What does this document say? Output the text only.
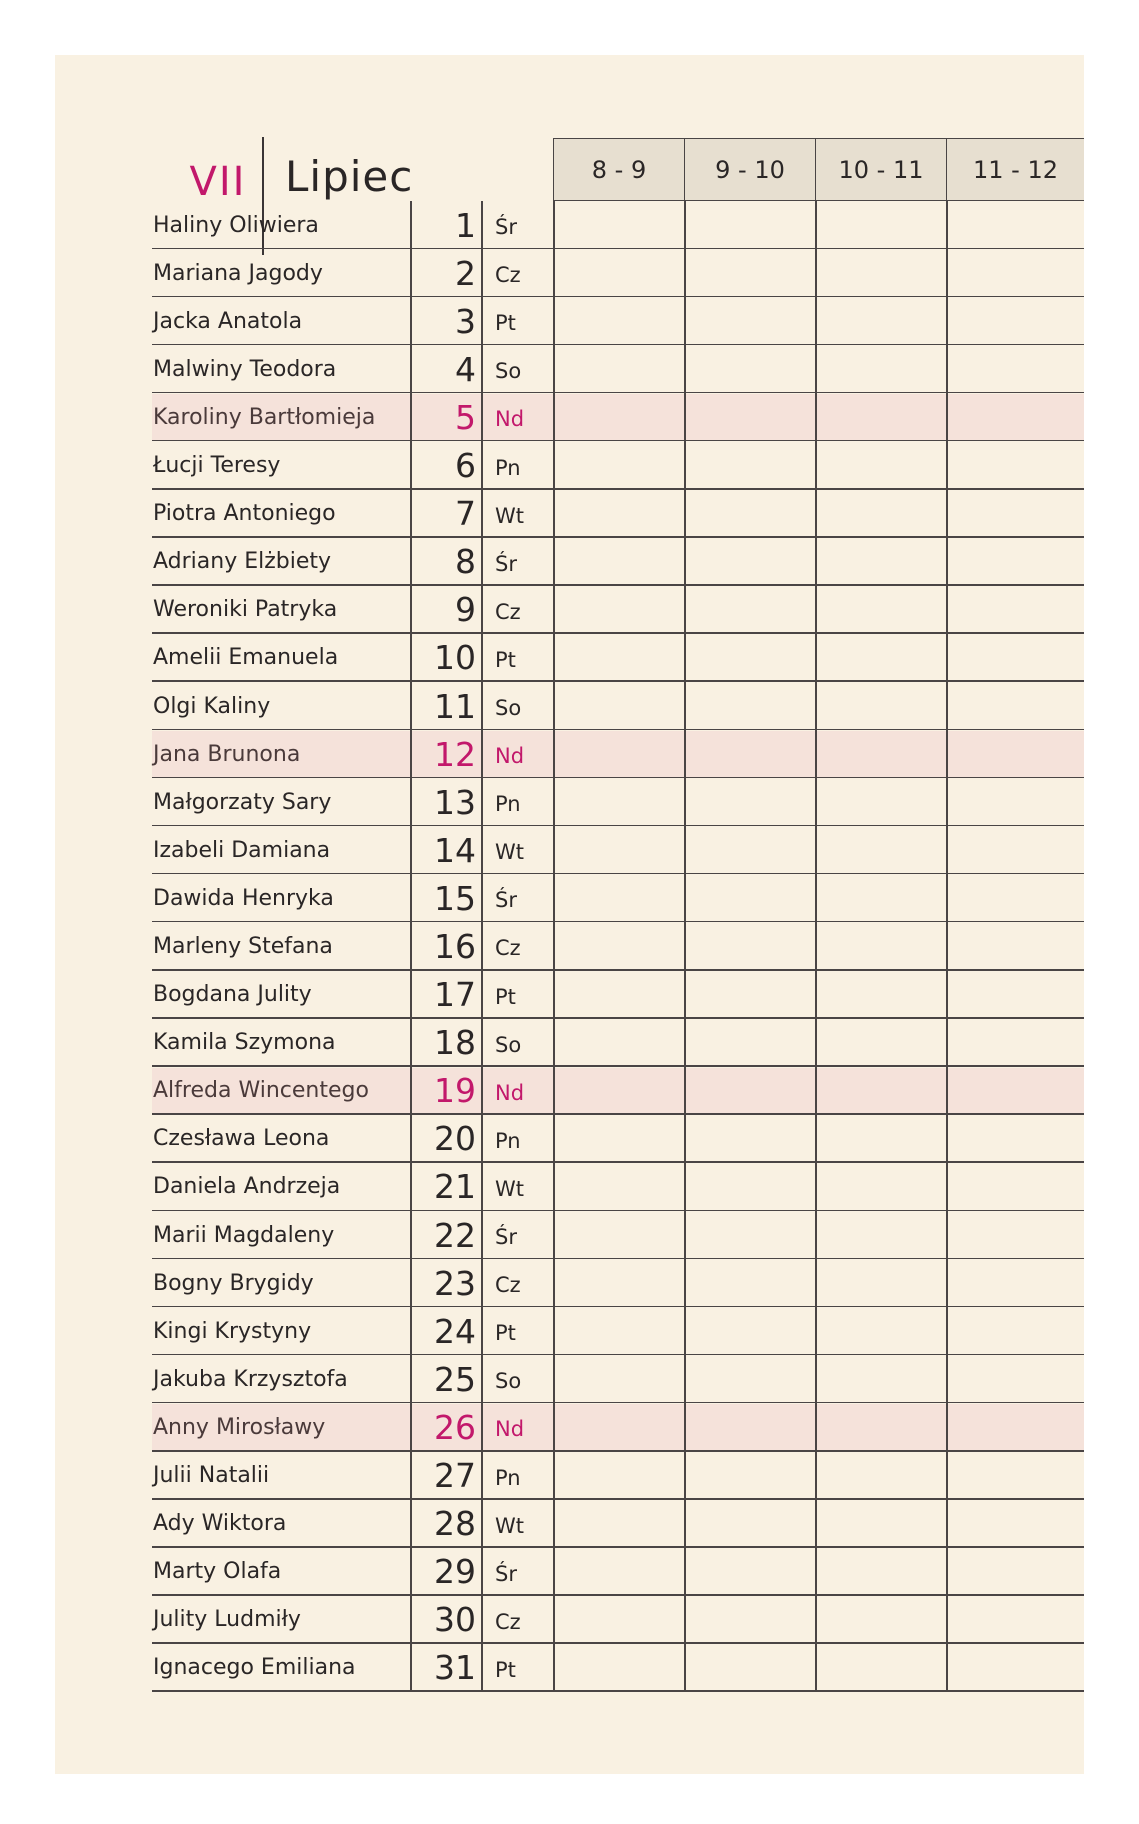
VII Lipiec	8 - 9	9 - 10	10 - 11	11 - 12
Haliny Oliwiera	1 Śr
Mariana Jagody	2 Cz
Jacka Anatola	3 Pt
Malwiny Teodora	4 So
Karoliny Bartłomieja	5 Nd
Łucji Teresy	6 Pn
Piotra Antoniego	7 Wt
Adriany Elżbiety	8 Śr
Weroniki Patryka	9 Cz
Amelii Emanuela	10 Pt
Olgi Kaliny	11 So
Jana Brunona	12 Nd
Małgorzaty Sary	13 Pn
Izabeli Damiana	14 Wt
Dawida Henryka	15 Śr
Marleny Stefana	16 Cz
Bogdana Julity	17 Pt
Kamila Szymona	18 So
Alfreda Wincentego	19 Nd
Czesława Leona	20 Pn
Daniela Andrzeja	21 Wt
Marii Magdaleny	22 Śr
Bogny Brygidy	23 Cz
Kingi Krystyny	24 Pt
Jakuba Krzysztofa	25 So
Anny Mirosławy	26 Nd
Julii Natalii	27 Pn
Ady Wiktora	28 Wt
Marty Olafa	29 Śr
Julity Ludmiły	30 Cz
Ignacego Emiliana	31 Pt
